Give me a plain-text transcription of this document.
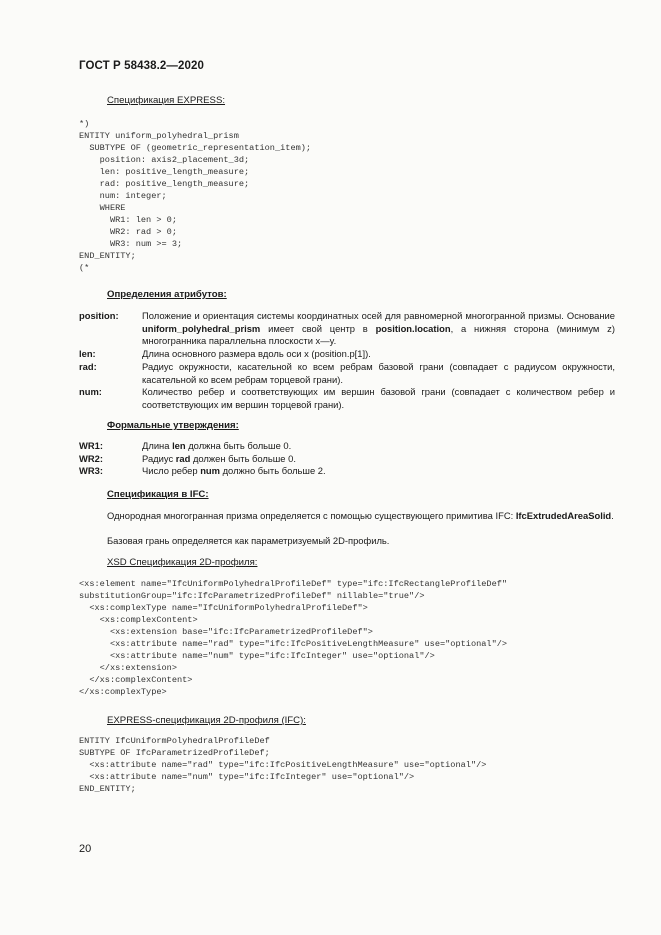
ГОСТ Р 58438.2—2020
Спецификация EXPRESS:
*)
ENTITY uniform_polyhedral_prism
SUBTYPE OF (geometric_representation_item);
position: axis2_placement_3d;
len: positive_length_measure;
rad: positive_length_measure;
num: integer;
WHERE
WR1: len > 0;
WR2: rad > 0;
WR3: num >= 3;
END_ENTITY;
(*
Определения атрибутов:
position: Положение и ориентация системы координатных осей для равномерной многогранной призмы. Основание uniform_polyhedral_prism имеет свой центр в position.location, а нижняя сторона (минимум z) многогранника параллельна плоскости x—y.
len:	Длина основного размера вдоль оси x (position.p[1]).
rad:	Радиус окружности, касательной ко всем ребрам базовой грани (совпадает с радиусом окружности, касательной ко всем ребрам торцевой грани).
num:	Количество ребер и соответствующих им вершин базовой грани (совпадает с количеством ребер и соответствующих им вершин торцевой грани).
Формальные утверждения:
WR1:	Длина len должна быть больше 0.
WR2:	Радиус rad должен быть больше 0.
WR3:	Число ребер num должно быть больше 2.
Спецификация в IFC:
Однородная многогранная призма определяется с помощью существующего примитива IFC: IfcExtrudedAreaSolid.
Базовая грань определяется как параметризуемый 2D-профиль.
XSD Спецификация 2D-профиля:
<xs:element name="IfcUniformPolyhedralProfileDef" type="ifc:IfcRectangleProfileDef"
substitutionGroup="ifc:IfcParametrizedProfileDef" nillable="true"/>
<xs:complexType name="IfcUniformPolyhedralProfileDef">
<xs:complexContent>
<xs:extension base="ifc:IfcParametrizedProfileDef">
<xs:attribute name="rad" type="ifc:IfcPositiveLengthMeasure" use="optional"/>
<xs:attribute name="num" type="ifc:IfcInteger" use="optional"/>
</xs:extension>
</xs:complexContent>
</xs:complexType>
EXPRESS-спецификация 2D-профиля (IFC):
ENTITY IfcUniformPolyhedralProfileDef
SUBTYPE OF IfcParametrizedProfileDef;
<xs:attribute name="rad" type="ifc:IfcPositiveLengthMeasure" use="optional"/>
<xs:attribute name="num" type="ifc:IfcInteger" use="optional"/>
END_ENTITY;
20
